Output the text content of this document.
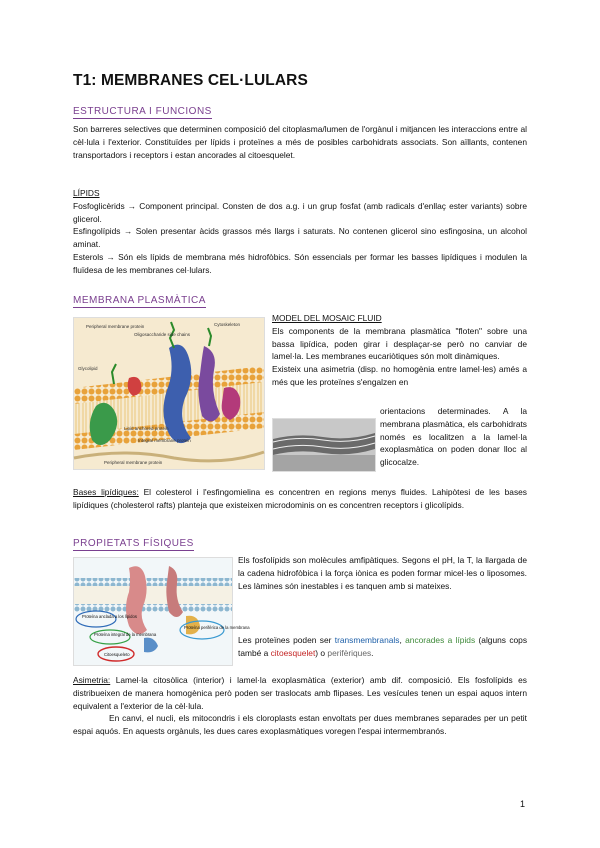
T1: MEMBRANES CEL·LULARS
ESTRUCTURA I FUNCIONS

Son barreres selectives que determinen composició del citoplasma/lumen de l'orgànul i mitjancen les interaccions entre al cèl·lula i l'exterior. Constituïdes per lípids i proteïnes a més de posibles carbohidrats associats. Son aïllants, contenen transportadors i receptors i estan ancorades al citoesquelet.

LÍPIDS

Fosfoglicèrids → Component principal. Consten de dos a.g. i un grup fosfat (amb radicals d'enllaç ester variants) sobre glicerol.

Esfingolípids → Solen presentar àcids grassos més llargs i saturats. No contenen glicerol sino esfingosina, un alcohol aminat.

Esterols → Són els lípids de membrana més hidrofòbics. Són essencials per formar les basses lipídiques i modulen la fluïdesa de les membranes cel·lulars.

MEMBRANA PLASMÀTICA
Peripheral membrane protein	Cytoskeleton
Glycolipid
Oligosaccharide side chains
Integral membrane protein
Lipid anchored protein
Peripheral membrane protein

MODEL DEL MOSAIC FLUID

Els components de la membrana plasmàtica "floten" sobre una bassa lipídica, poden girar i desplaçar-se però no canviar de lamel·la. Les membranes eucariòtiques són molt dinàmiques.

Existeix una asimetria (disp. no homogènia entre lamel·les) amés a més que les proteïnes s'engalzen en

orientacions determinades. A la membrana plasmàtica, els carbohidrats només es localitzen a la lamel·la exoplasmàtica on poden donar lloc al glicocalze.

Bases lipídiques: El colesterol i l'esfingomielina es concentren en regions menys fluides. Lahipòtesi de les bases lipídiques (cholesterol rafts) planteja que existeixen microdominis on es concentren receptors i glicolípids.

PROPIETATS FÍSIQUES
Proteína anclada a los lípidos
Proteína integral de la membrana
Proteína periférica de la membrana
Citoesqueleto

Els fosfolípids son molècules amfipàtiques. Segons el pH, la T, la llargada de la cadena hidrofòbica i la força iònica es poden formar micel·les o liposomes. Les làmines són inestables i es tanquen amb si mateixes.

Les proteïnes poden ser transmembranals, ancorades a lípids (alguns cops també a citoesquelet) o perifèriques.

Asimetria: Lamel·la citosòlica (interior) i lamel·la exoplasmàtica (exterior) amb dif. composició. Els fosfolípids es distribueixen de manera homogènica però poden ser traslocats amb flipases. Les vesícules tenen un espai aquos intern equivalent a l'exterior de la cèl·lula.

En canvi, el nucli, els mitocondris i els cloroplasts estan envoltats per dues membranes separades per un petit espai aquós. En aquests orgànuls, les dues cares exoplasmàtiques voregen l'espai intermembranós.

1
